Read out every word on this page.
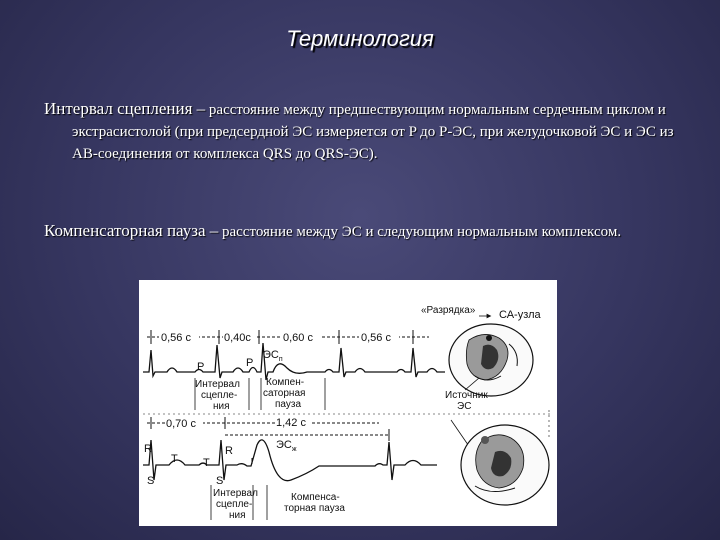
Терминология
Интервал сцепления – расстояние между предшествующим нормальным сердечным циклом и экстрасистолой (при предсердной ЭС измеряется от P до P-ЭС, при желудочковой ЭС и ЭС из АВ-соединения от комплекса QRS до QRS-ЭС).
Компенсаторная пауза – расстояние между ЭС и следующим нормальным комплексом.
0,56 с	0,40с	0,60 с	0,56 с
P	P
$ЭС_п$
Интервал сцепле- ния
Компен- саторная пауза
0,70 с	1,42 с
R
T
S
T
R
S
$ЭС_ж$
Интервал сцепле- ния
Компенса- торная пауза
«Разрядка» СА-узла
Источник ЭС
